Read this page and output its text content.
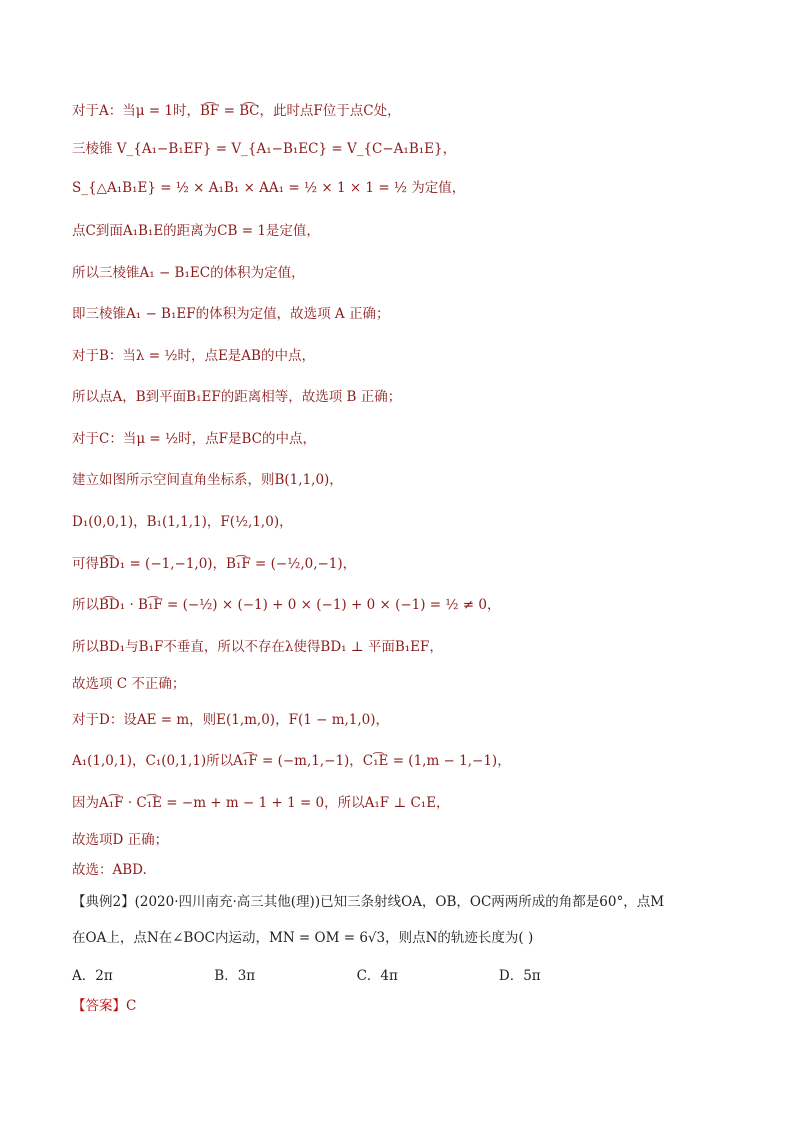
对于A：当μ = 1时，B͡F = B͡C，此时点F位于点C处，
三棱锥 V_{A₁−B₁EF} = V_{A₁−B₁EC} = V_{C−A₁B₁E}，
S_{△A₁B₁E} = ½ × A₁B₁ × AA₁ = ½ × 1 × 1 = ½ 为定值，
点C到面A₁B₁E的距离为CB = 1是定值，
所以三棱锥A₁ − B₁EC的体积为定值，
即三棱锥A₁ − B₁EF的体积为定值，故选项 A 正确；
对于B：当λ = ½时，点E是AB的中点，
所以点A，B到平面B₁EF的距离相等，故选项 B 正确；
对于C：当μ = ½时，点F是BC的中点，
建立如图所示空间直角坐标系，则B(1,1,0)，
D₁(0,0,1)，B₁(1,1,1)，F(½,1,0)，
可得B͡D₁ = (−1,−1,0)，B₁͡F = (−½,0,−1)，
所以B͡D₁ · B₁͡F = (−½) × (−1) + 0 × (−1) + 0 × (−1) = ½ ≠ 0，
所以BD₁与B₁F不垂直，所以不存在λ使得BD₁ ⊥ 平面B₁EF，
故选项 C 不正确；
对于D：设AE = m，则E(1,m,0)，F(1 − m,1,0)，
A₁(1,0,1)，C₁(0,1,1)所以A₁͡F = (−m,1,−1)，C₁͡E = (1,m − 1,−1)，
因为A₁͡F · C₁͡E = −m + m − 1 + 1 = 0，所以A₁F ⊥ C₁E，
故选项D 正确；
故选：ABD.
【典例2】(2020·四川南充·高三其他(理))已知三条射线OA，OB，OC两两所成的角都是60°，点M
在OA上，点N在∠BOC内运动，MN = OM = 6√3，则点N的轨迹长度为( )
A．2π	B．3π	C．4π	D．5π
【答案】C
